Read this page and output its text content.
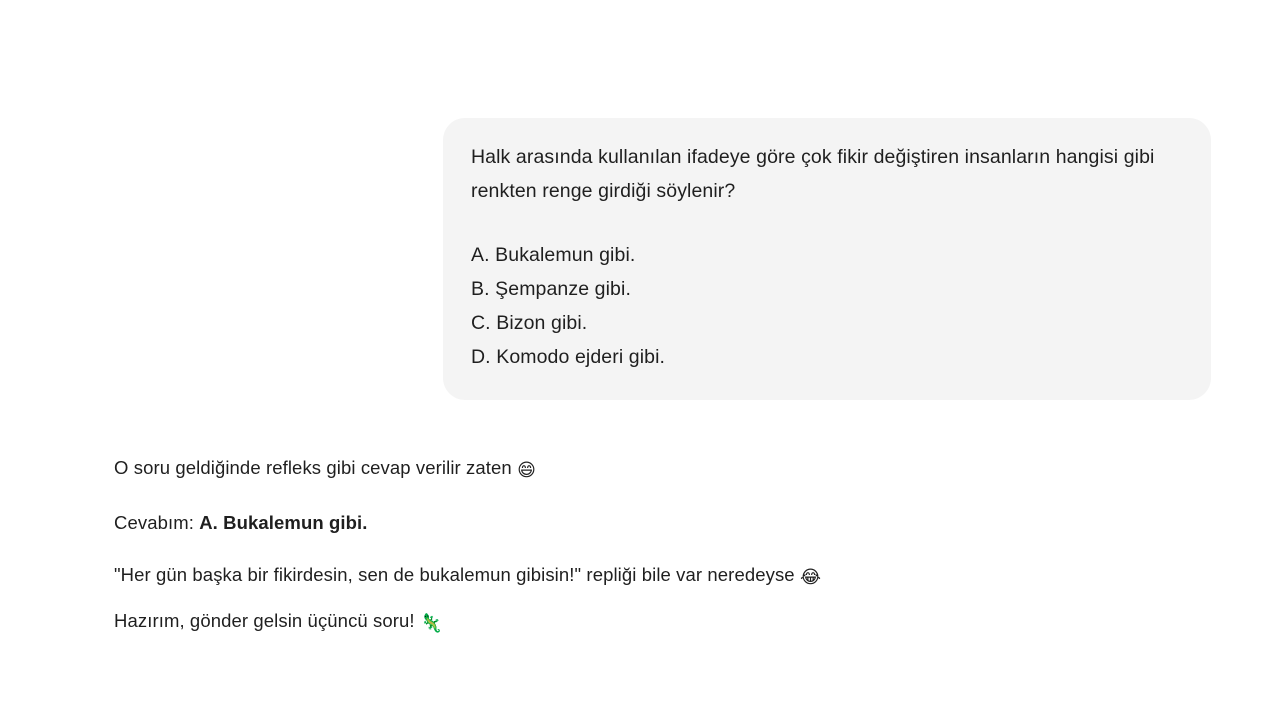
Halk arasında kullanılan ifadeye göre çok fikir değiştiren insanların hangisi gibi renkten renge girdiği söylenir?

A. Bukalemun gibi.
B. Şempanze gibi.
C. Bizon gibi.
D. Komodo ejderi gibi.

O soru geldiğinde refleks gibi cevap verilir zaten 😄

Cevabım: A. Bukalemun gibi.

"Her gün başka bir fikirdesin, sen de bukalemun gibisin!" repliği bile var neredeyse 😂

Hazırım, gönder gelsin üçüncü soru! 🦎
